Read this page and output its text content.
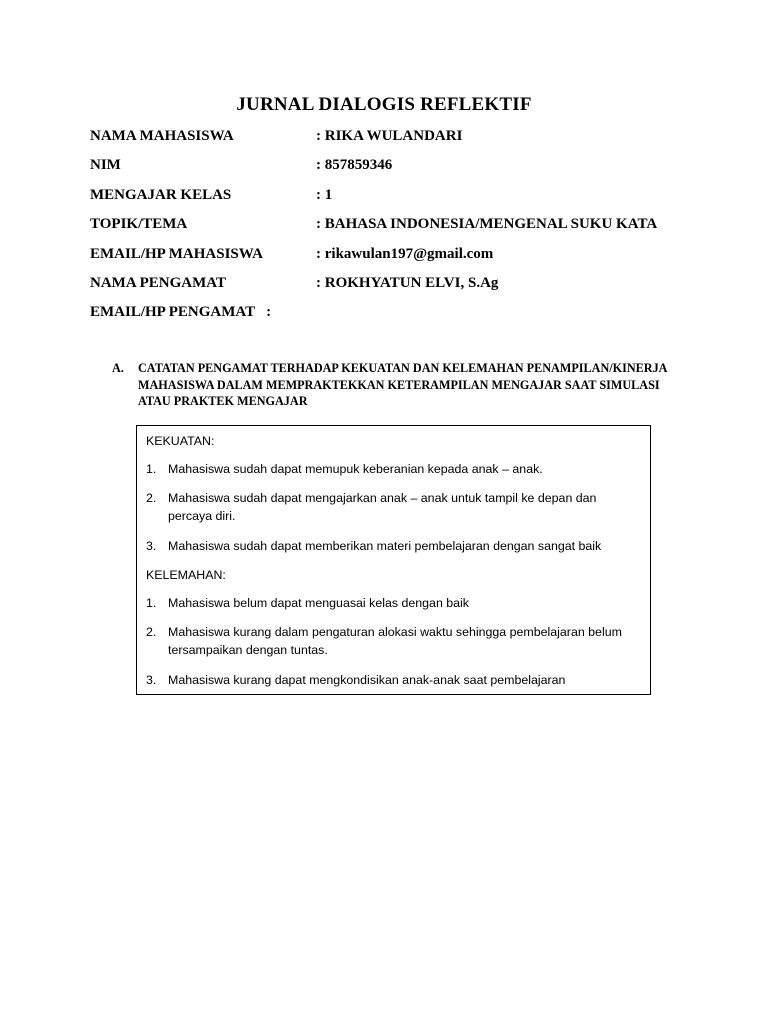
JURNAL DIALOGIS REFLEKTIF
NAMA MAHASISWA	: RIKA WULANDARI
NIM	: 857859346
MENGAJAR KELAS	: 1
TOPIK/TEMA	: BAHASA INDONESIA/MENGENAL SUKU KATA
EMAIL/HP MAHASISWA	: rikawulan197@gmail.com
NAMA PENGAMAT	: ROKHYATUN ELVI, S.Ag
EMAIL/HP PENGAMAT   :
A. CATATAN PENGAMAT TERHADAP KEKUATAN DAN KELEMAHAN PENAMPILAN/KINERJA MAHASISWA DALAM MEMPRAKTEKKAN KETERAMPILAN MENGAJAR SAAT SIMULASI ATAU PRAKTEK MENGAJAR
KEKUATAN:
1. Mahasiswa sudah dapat memupuk keberanian kepada anak – anak.
2. Mahasiswa sudah dapat mengajarkan anak – anak untuk tampil ke depan dan percaya diri.
3. Mahasiswa sudah dapat memberikan materi pembelajaran dengan sangat baik
KELEMAHAN:
1. Mahasiswa belum dapat menguasai kelas dengan baik
2. Mahasiswa kurang dalam pengaturan alokasi waktu sehingga pembelajaran belum tersampaikan dengan tuntas.
3. Mahasiswa kurang dapat mengkondisikan anak-anak saat pembelajaran
